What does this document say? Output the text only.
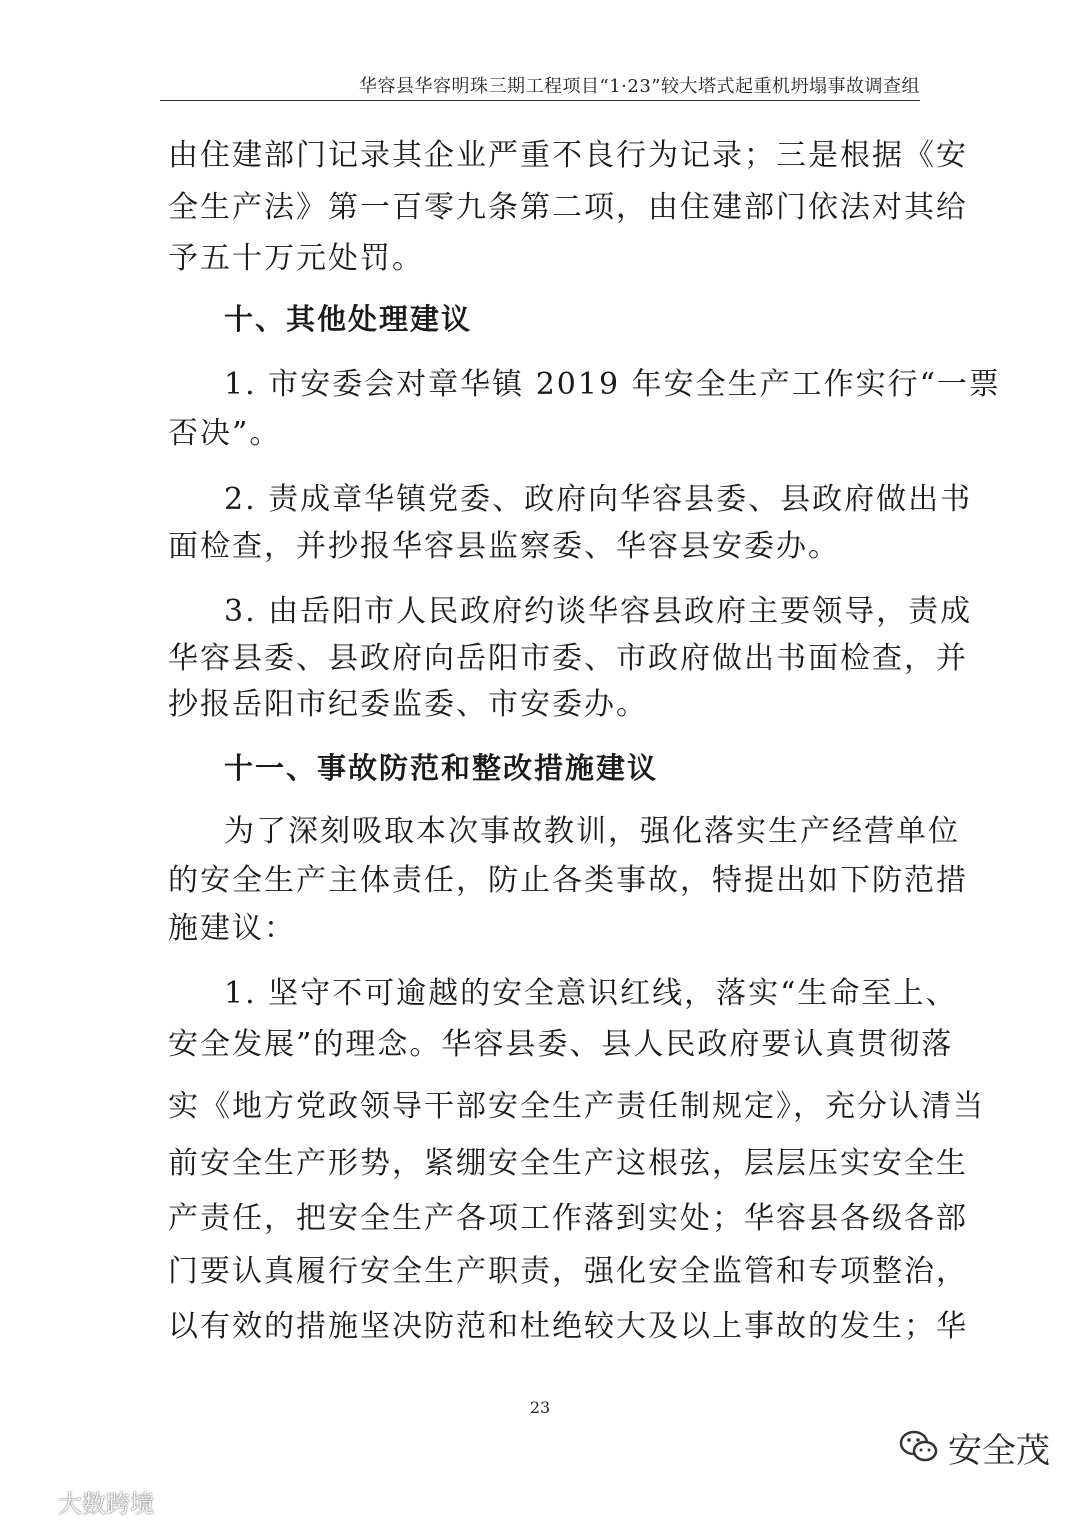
华容县华容明珠三期工程项目“1·23”较大塔式起重机坍塌事故调查组
由住建部门记录其企业严重不良行为记录；三是根据《安
全生产法》第一百零九条第二项，由住建部门依法对其给
予五十万元处罚。
十、其他处理建议
1. 市安委会对章华镇 2019 年安全生产工作实行“一票
否决”。
2. 责成章华镇党委、政府向华容县委、县政府做出书
面检查，并抄报华容县监察委、华容县安委办。
3. 由岳阳市人民政府约谈华容县政府主要领导，责成
华容县委、县政府向岳阳市委、市政府做出书面检查，并
抄报岳阳市纪委监委、市安委办。
十一、事故防范和整改措施建议
为了深刻吸取本次事故教训，强化落实生产经营单位
的安全生产主体责任，防止各类事故，特提出如下防范措
施建议：
1. 坚守不可逾越的安全意识红线，落实“生命至上、
安全发展”的理念。华容县委、县人民政府要认真贯彻落
实《地方党政领导干部安全生产责任制规定》，充分认清当
前安全生产形势，紧绷安全生产这根弦，层层压实安全生
产责任，把安全生产各项工作落到实处；华容县各级各部
门要认真履行安全生产职责，强化安全监管和专项整治，
以有效的措施坚决防范和杜绝较大及以上事故的发生；华
23
安全茂
大数跨境
